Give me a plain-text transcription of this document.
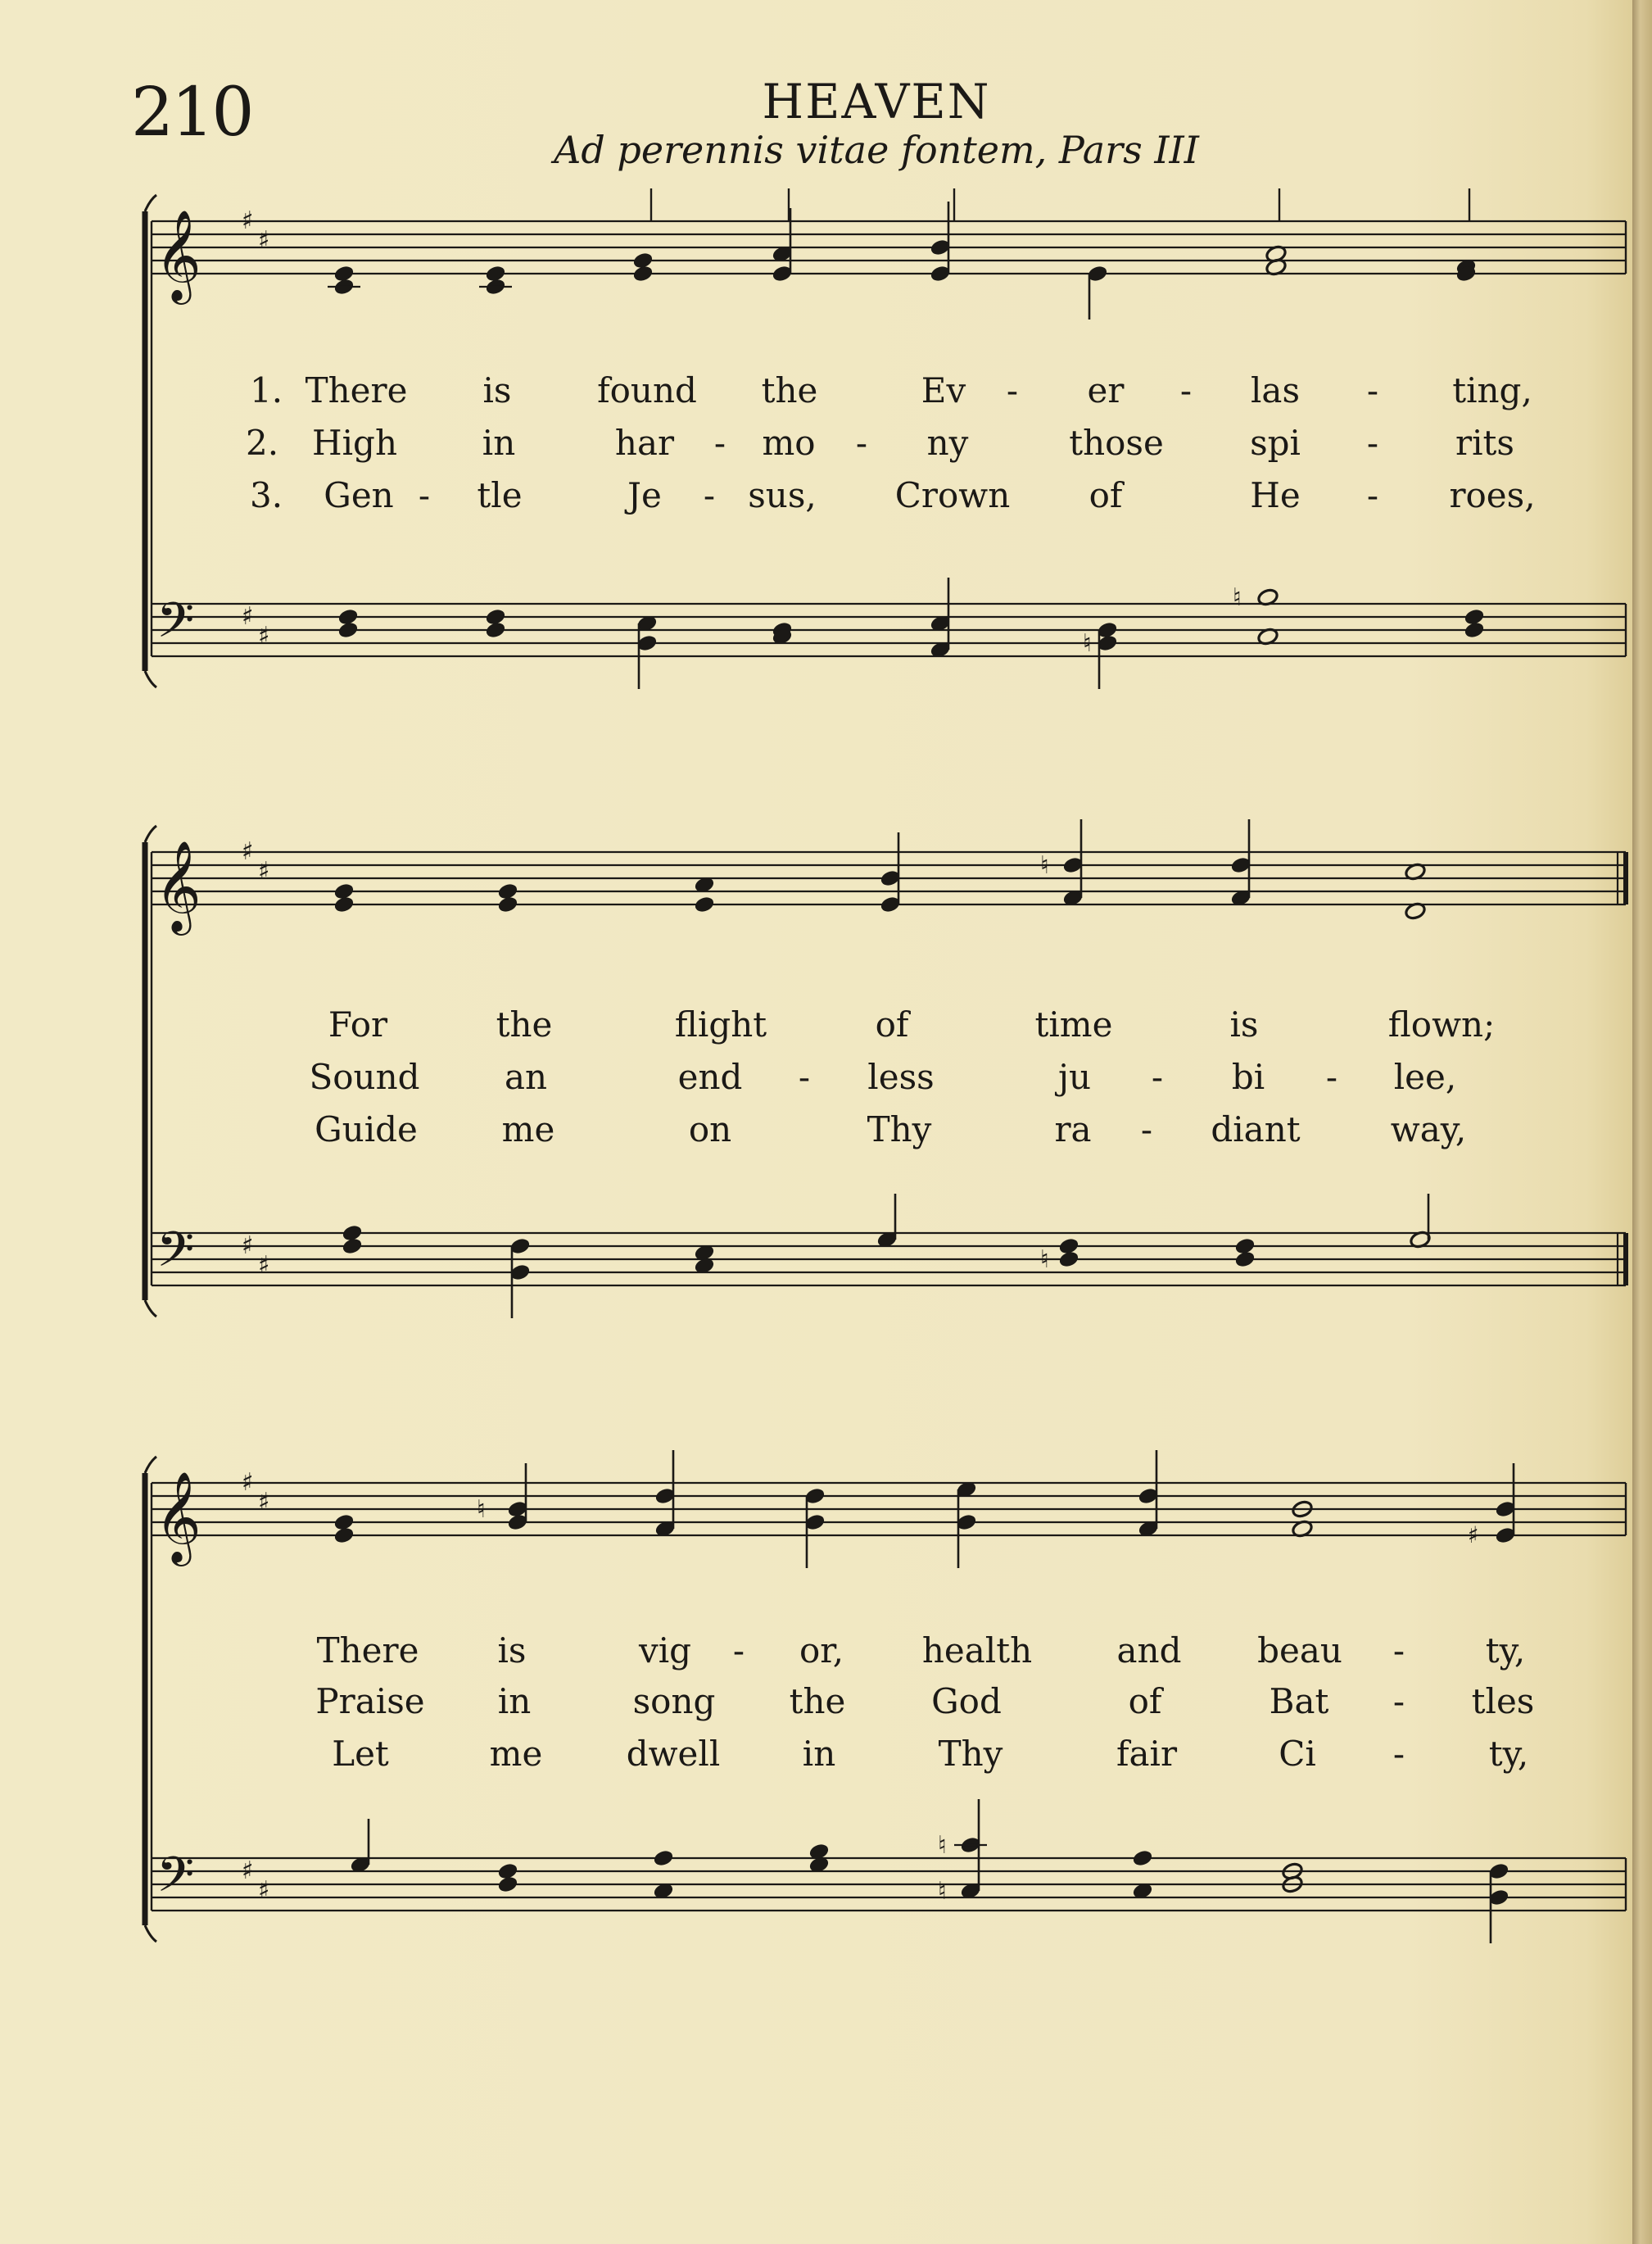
210	HEAVEN
Ad perennis vitae fontem, Pars III
𝄞
𝄢
♯
♯
♯
♯	♮
♮
𝄞
𝄢
♯
♯
♯
♯
♮
♮
𝄞
𝄢
♯
♯
♯
♯
♮
♮
♮
♯
1. There is found the	Ev - er - las - ting,
2. High in	har - mo - ny	those	spi - rits
3. Gen - tle	Je - sus, Crown of	He - roes,
For	the	flight	of	time	is	flown;
Sound an	end - less	ju - bi - lee,
Guide me	on	Thy	ra - diant	way,
There is	vig - or, health and beau - ty,
Praise in	song the God	of	Bat - tles
Let	me dwell in	Thy	fair	Ci - ty,
